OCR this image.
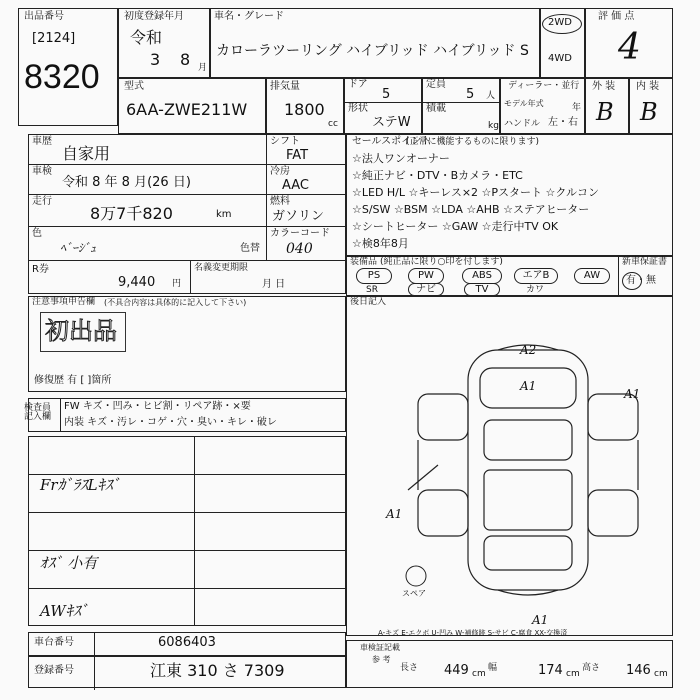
出品番号
[2124]
8320
初度登録年月
令和
3 8 月
車名・グレード
カローラツーリング ハイブリッド ハイブリッド S
2WD
4WD
評 価 点
4
型式
6AA-ZWE211W
排気量
1800
cc
ドア
5
形状
ステW
定員
5 人
積載
kg
ディーラー・並行
モデル年式	年
ハンドル 左・右
外 装
B
内 装
B
車歴
自家用
車検
令和 8 年 8 月(26 日)
走行
8万7千820	km
色
ﾍﾞｰｼﾞｭ	色替
シフト
FAT
冷房
AAC
燃料
ガソリン
カラーコード
040
R券
9,440 円
名義変更期限
月 日
セールスポイント
(正常に機能するものに限ります)
☆法人ワンオーナー
☆純正ナビ・DTV・Bカメラ・ETC
☆LED H/L ☆キーレス×2 ☆Pスタート ☆クルコン
☆S/SW ☆BSM ☆LDA ☆AHB ☆ステアヒーター
☆シートヒーター ☆GAW ☆走行中TV OK
☆検8年8月
装備品 (純正品に限り○印を付します)
PS	PW	ABS	エアB	AW
SR	ナビ	TV	カワ
新車保証書
有・無
注意事項申告欄 (不具合内容は具体的に記入して下さい)
初出品
修復歴 有 [ ]箇所
後日記入
検査員記入欄
FW キズ・凹み・ヒビ割・リペア跡・×要
内装 キズ・汚レ・コゲ・穴・臭い・キレ・破レ
FrｶﾞﾗｽLｷｽﾞ
ｵｽﾞ 小有
AWｷｽﾞ
A2
A1
A1
A1
A1
スペア
A-キズ E-エクボ U-凹み W-補修跡 S-サビ C-腐食 XX-交換済
車台番号	6086403
登録番号	江東 310 さ 7309
車検証記載
参 考
長さ 449 cm
幅	174 cm
高さ 146 cm
